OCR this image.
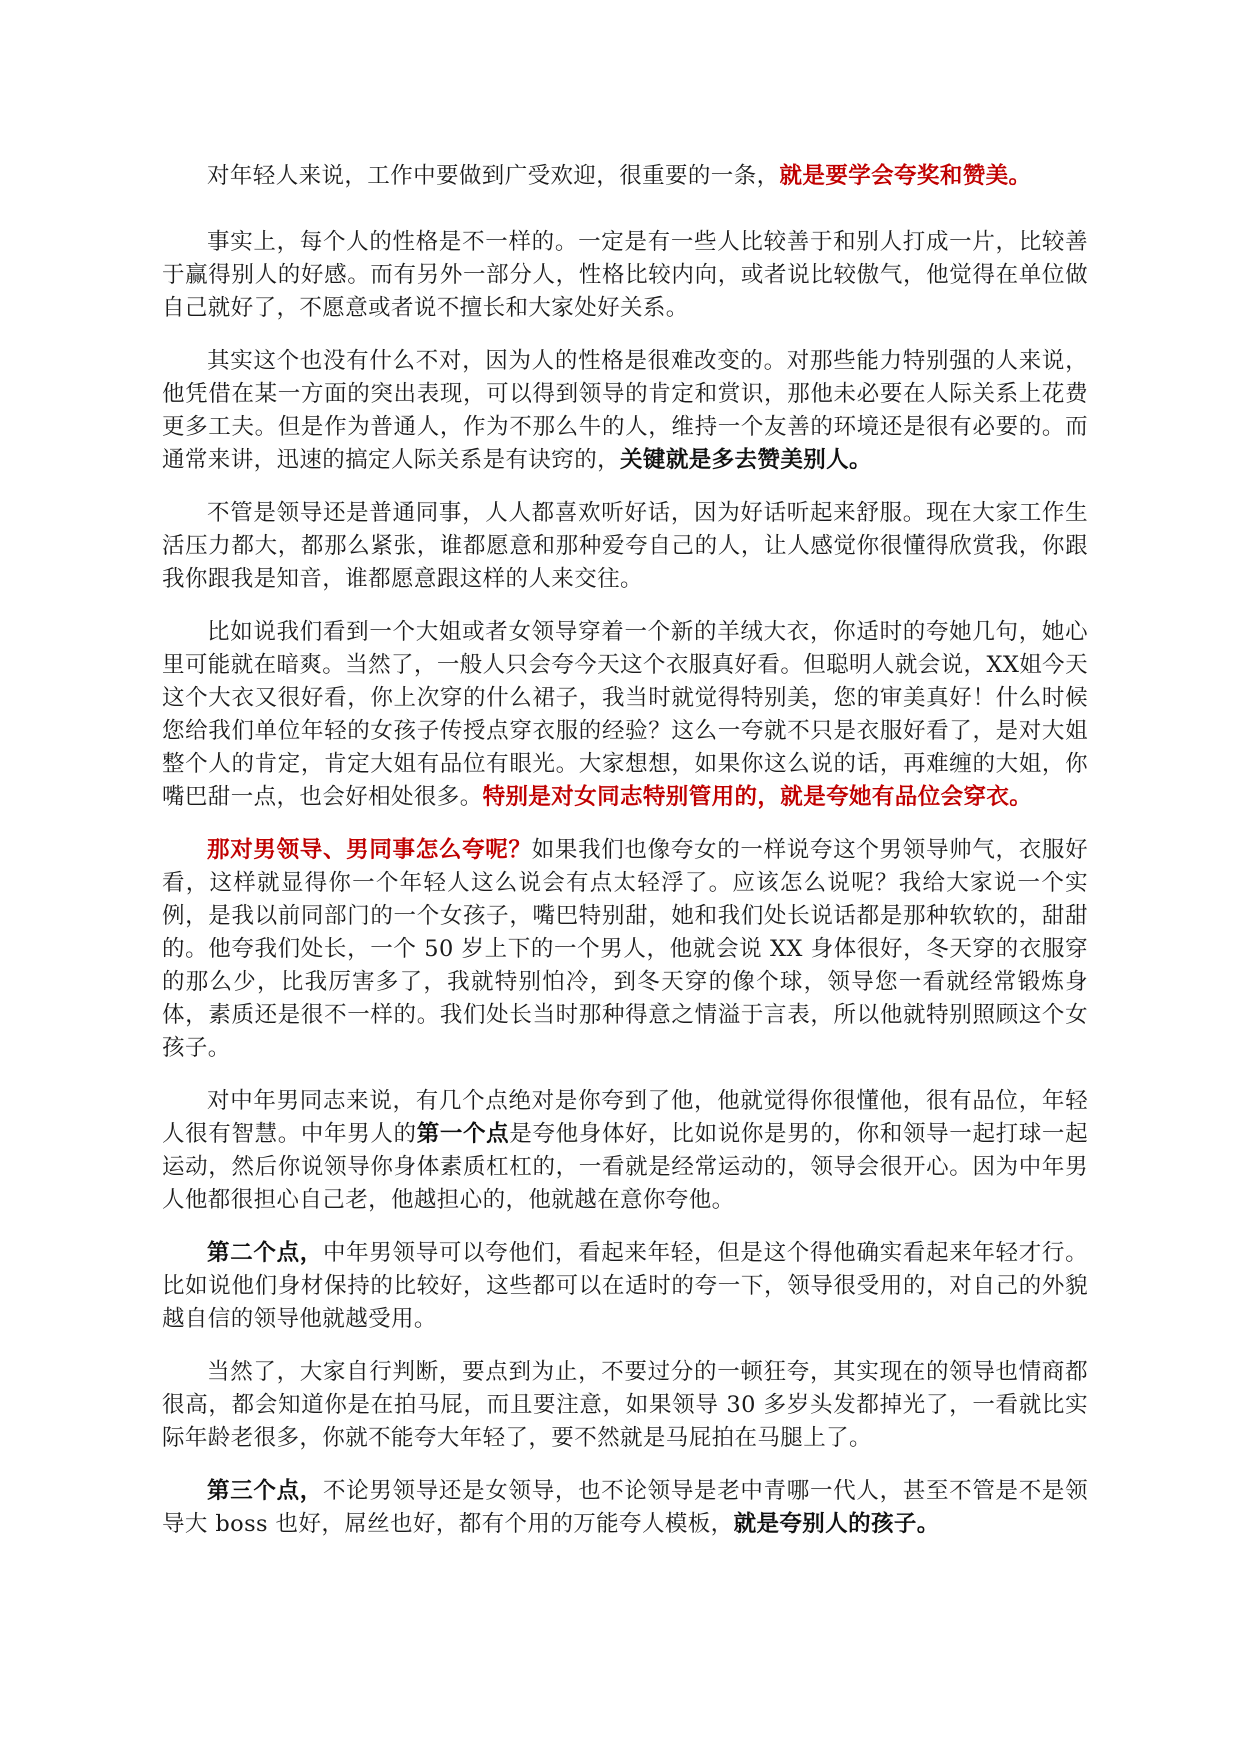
对年轻人来说，工作中要做到广受欢迎，很重要的一条，就是要学会夸奖和赞美。

事实上，每个人的性格是不一样的。一定是有一些人比较善于和别人打成一片，比较善于赢得别人的好感。而有另外一部分人，性格比较内向，或者说比较傲气，他觉得在单位做自己就好了，不愿意或者说不擅长和大家处好关系。

其实这个也没有什么不对，因为人的性格是很难改变的。对那些能力特别强的人来说，他凭借在某一方面的突出表现，可以得到领导的肯定和赏识，那他未必要在人际关系上花费更多工夫。但是作为普通人，作为不那么牛的人，维持一个友善的环境还是很有必要的。而通常来讲，迅速的搞定人际关系是有诀窍的，关键就是多去赞美别人。

不管是领导还是普通同事，人人都喜欢听好话，因为好话听起来舒服。现在大家工作生活压力都大，都那么紧张，谁都愿意和那种爱夸自己的人，让人感觉你很懂得欣赏我，你跟我你跟我是知音，谁都愿意跟这样的人来交往。

比如说我们看到一个大姐或者女领导穿着一个新的羊绒大衣，你适时的夸她几句，她心里可能就在暗爽。当然了，一般人只会夸今天这个衣服真好看。但聪明人就会说，XX姐今天这个大衣又很好看，你上次穿的什么裙子，我当时就觉得特别美，您的审美真好！什么时候您给我们单位年轻的女孩子传授点穿衣服的经验？这么一夸就不只是衣服好看了，是对大姐整个人的肯定，肯定大姐有品位有眼光。大家想想，如果你这么说的话，再难缠的大姐，你嘴巴甜一点，也会好相处很多。特别是对女同志特别管用的，就是夸她有品位会穿衣。

那对男领导、男同事怎么夸呢？如果我们也像夸女的一样说夸这个男领导帅气，衣服好看，这样就显得你一个年轻人这么说会有点太轻浮了。应该怎么说呢？我给大家说一个实例，是我以前同部门的一个女孩子，嘴巴特别甜，她和我们处长说话都是那种软软的，甜甜的。他夸我们处长，一个 50 岁上下的一个男人，他就会说 XX 身体很好，冬天穿的衣服穿的那么少，比我厉害多了，我就特别怕冷，到冬天穿的像个球，领导您一看就经常锻炼身体，素质还是很不一样的。我们处长当时那种得意之情溢于言表，所以他就特别照顾这个女孩子。

对中年男同志来说，有几个点绝对是你夸到了他，他就觉得你很懂他，很有品位，年轻人很有智慧。中年男人的第一个点是夸他身体好，比如说你是男的，你和领导一起打球一起运动，然后你说领导你身体素质杠杠的，一看就是经常运动的，领导会很开心。因为中年男人他都很担心自己老，他越担心的，他就越在意你夸他。

第二个点，中年男领导可以夸他们，看起来年轻，但是这个得他确实看起来年轻才行。比如说他们身材保持的比较好，这些都可以在适时的夸一下，领导很受用的，对自己的外貌越自信的领导他就越受用。

当然了，大家自行判断，要点到为止，不要过分的一顿狂夸，其实现在的领导也情商都很高，都会知道你是在拍马屁，而且要注意，如果领导 30 多岁头发都掉光了，一看就比实际年龄老很多，你就不能夸大年轻了，要不然就是马屁拍在马腿上了。

第三个点，不论男领导还是女领导，也不论领导是老中青哪一代人，甚至不管是不是领导大 boss 也好，屌丝也好，都有个用的万能夸人模板，就是夸别人的孩子。
